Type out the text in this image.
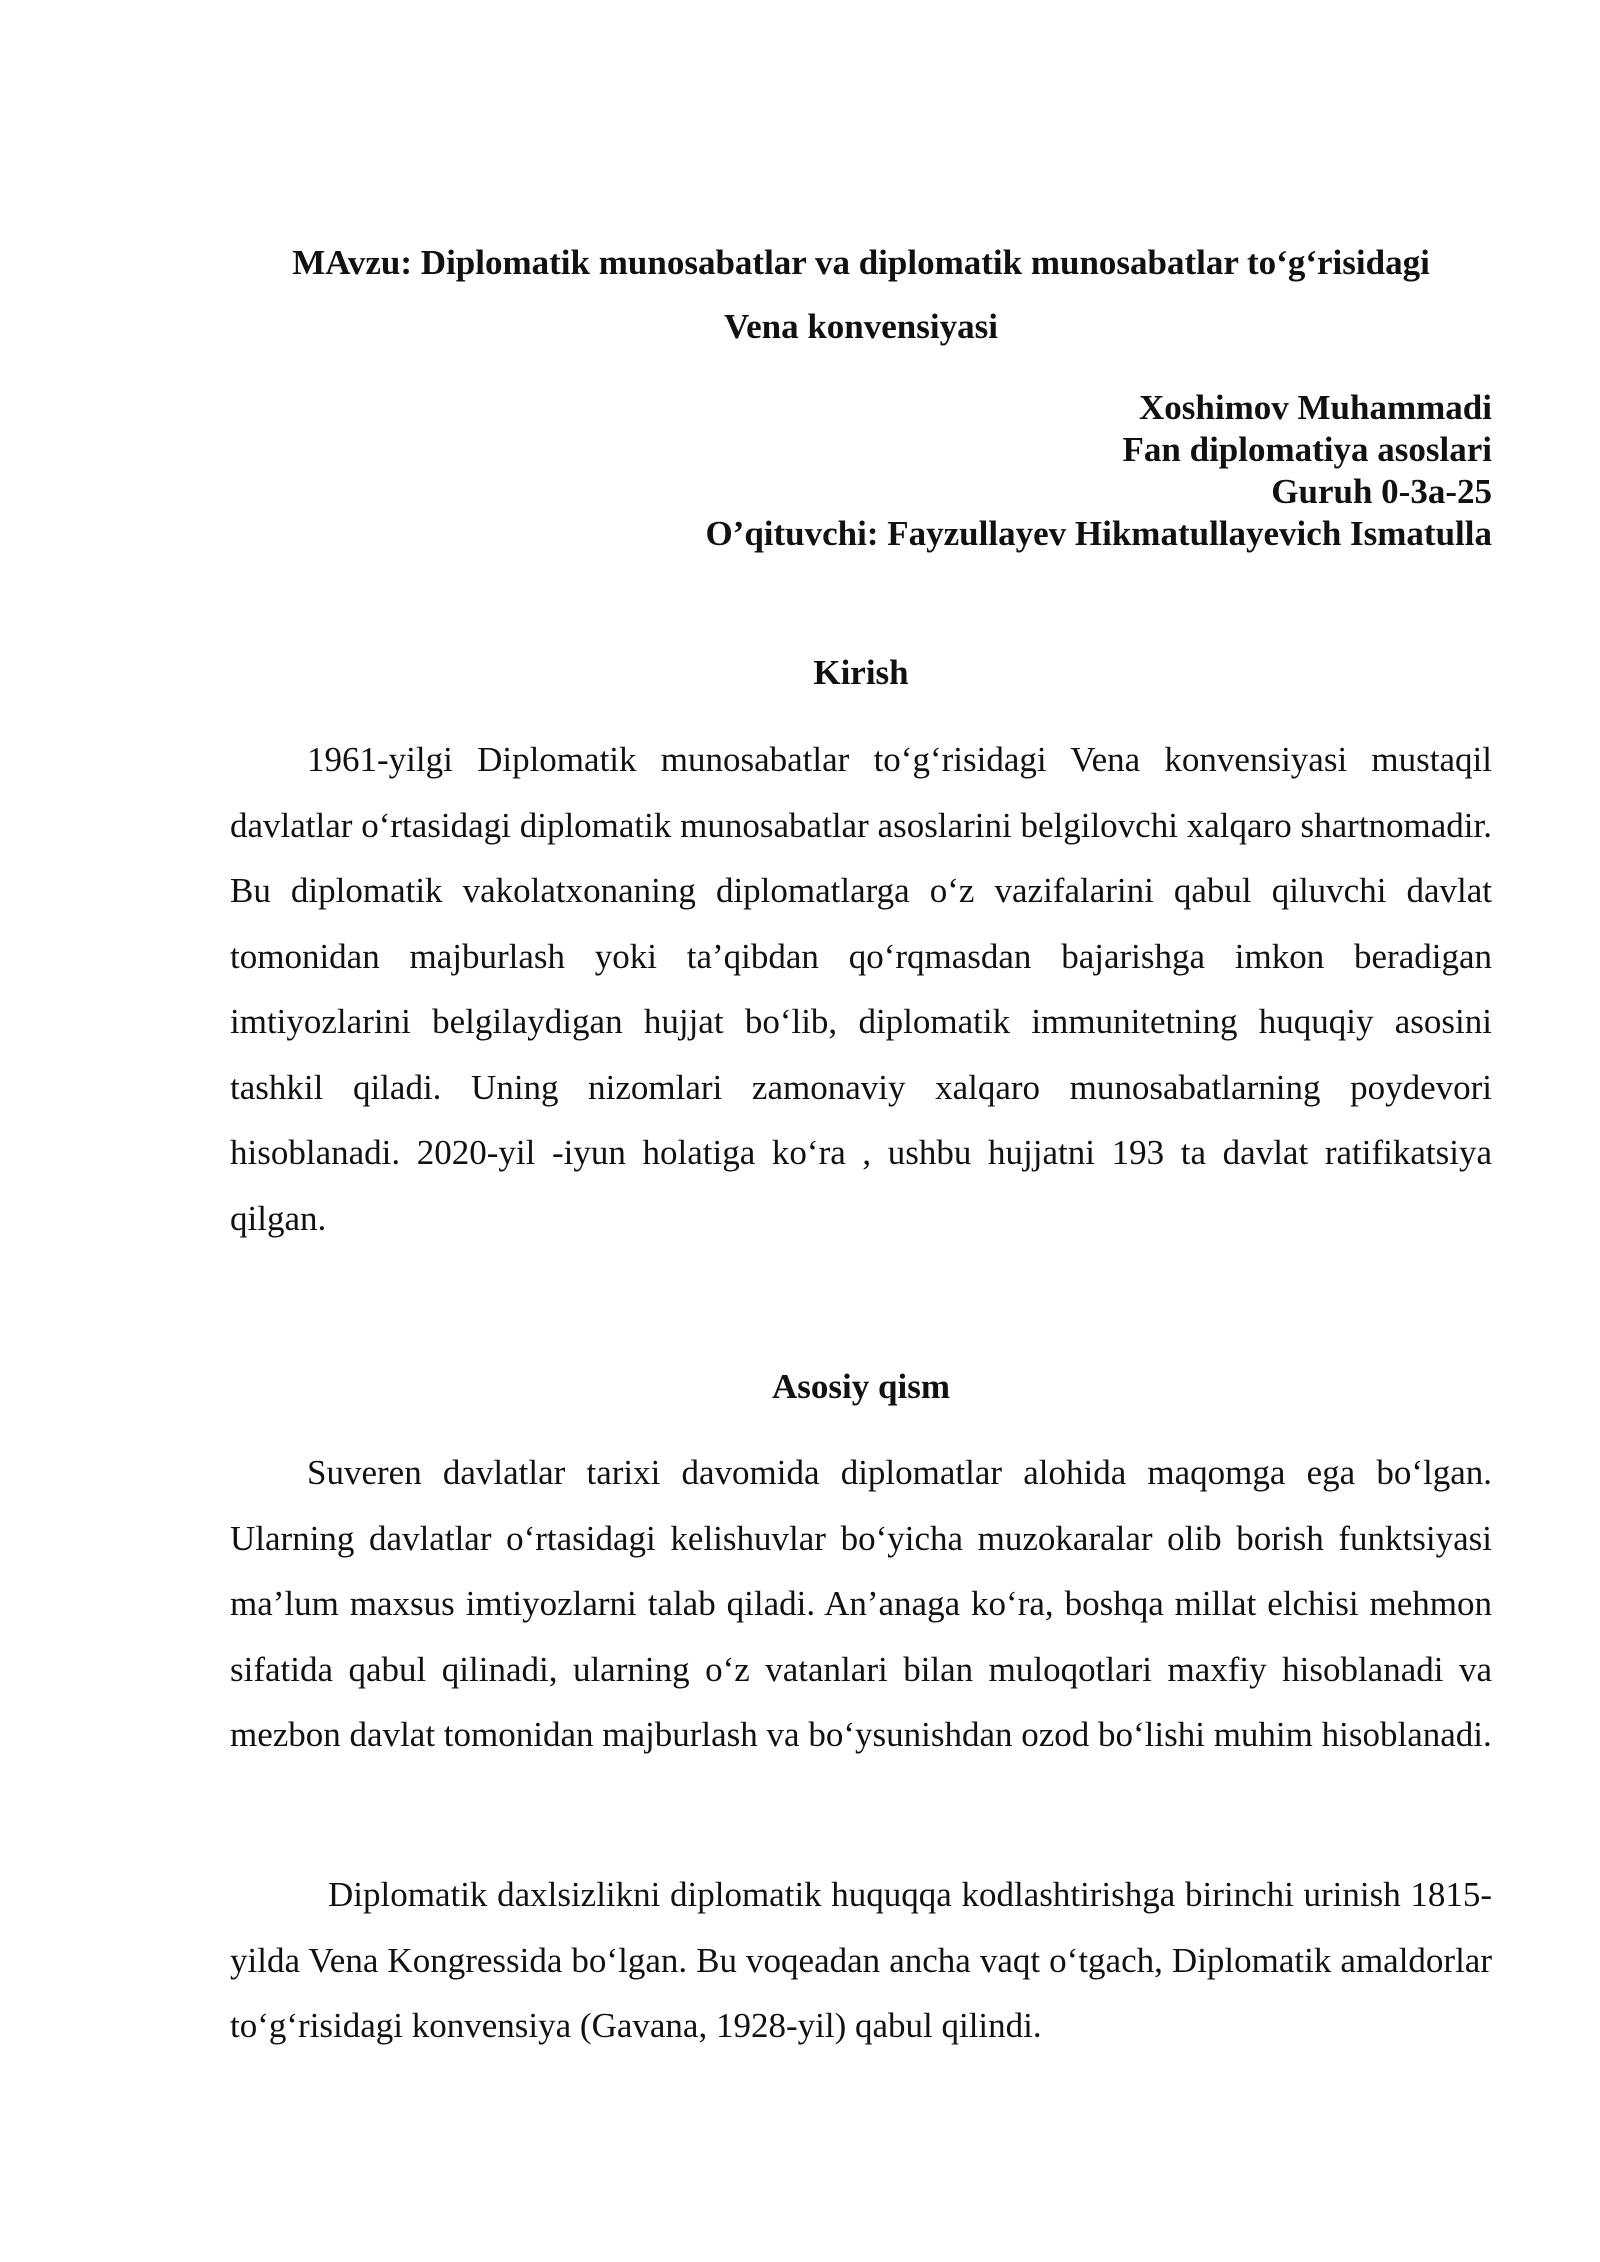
MAvzu: Diplomatik munosabatlar va diplomatik munosabatlar to‘g‘risidagi
Vena konvensiyasi
Xoshimov Muhammadi
Fan diplomatiya asoslari
Guruh 0-3a-25
O’qituvchi: Fayzullayev Hikmatullayevich Ismatulla
Kirish

1961-yilgi Diplomatik munosabatlar to‘g‘risidagi Vena konvensiyasi mustaqil davlatlar o‘rtasidagi diplomatik munosabatlar asoslarini belgilovchi xalqaro shartnomadir. Bu diplomatik vakolatxonaning diplomatlarga o‘z vazifalarini qabul qiluvchi davlat tomonidan majburlash yoki ta’qibdan qo‘rqmasdan bajarishga imkon beradigan imtiyozlarini belgilaydigan hujjat bo‘lib, diplomatik immunitetning huquqiy asosini tashkil qiladi. Uning nizomlari zamonaviy xalqaro munosabatlarning poydevori hisoblanadi. 2020-yil -iyun holatiga ko‘ra , ushbu hujjatni 193 ta davlat ratifikatsiya qilgan.

Asosiy qism

Suveren davlatlar tarixi davomida diplomatlar alohida maqomga ega bo‘lgan. Ularning davlatlar o‘rtasidagi kelishuvlar bo‘yicha muzokaralar olib borish funktsiyasi ma’lum maxsus imtiyozlarni talab qiladi. An’anaga ko‘ra, boshqa millat elchisi mehmon sifatida qabul qilinadi, ularning o‘z vatanlari bilan muloqotlari maxfiy hisoblanadi va mezbon davlat tomonidan majburlash va bo‘ysunishdan ozod bo‘lishi muhim hisoblanadi.

Diplomatik daxlsizlikni diplomatik huquqqa kodlashtirishga birinchi urinish 1815-yilda Vena Kongressida bo‘lgan. Bu voqeadan ancha vaqt o‘tgach, Diplomatik amaldorlar to‘g‘risidagi konvensiya (Gavana, 1928-yil) qabul qilindi.
